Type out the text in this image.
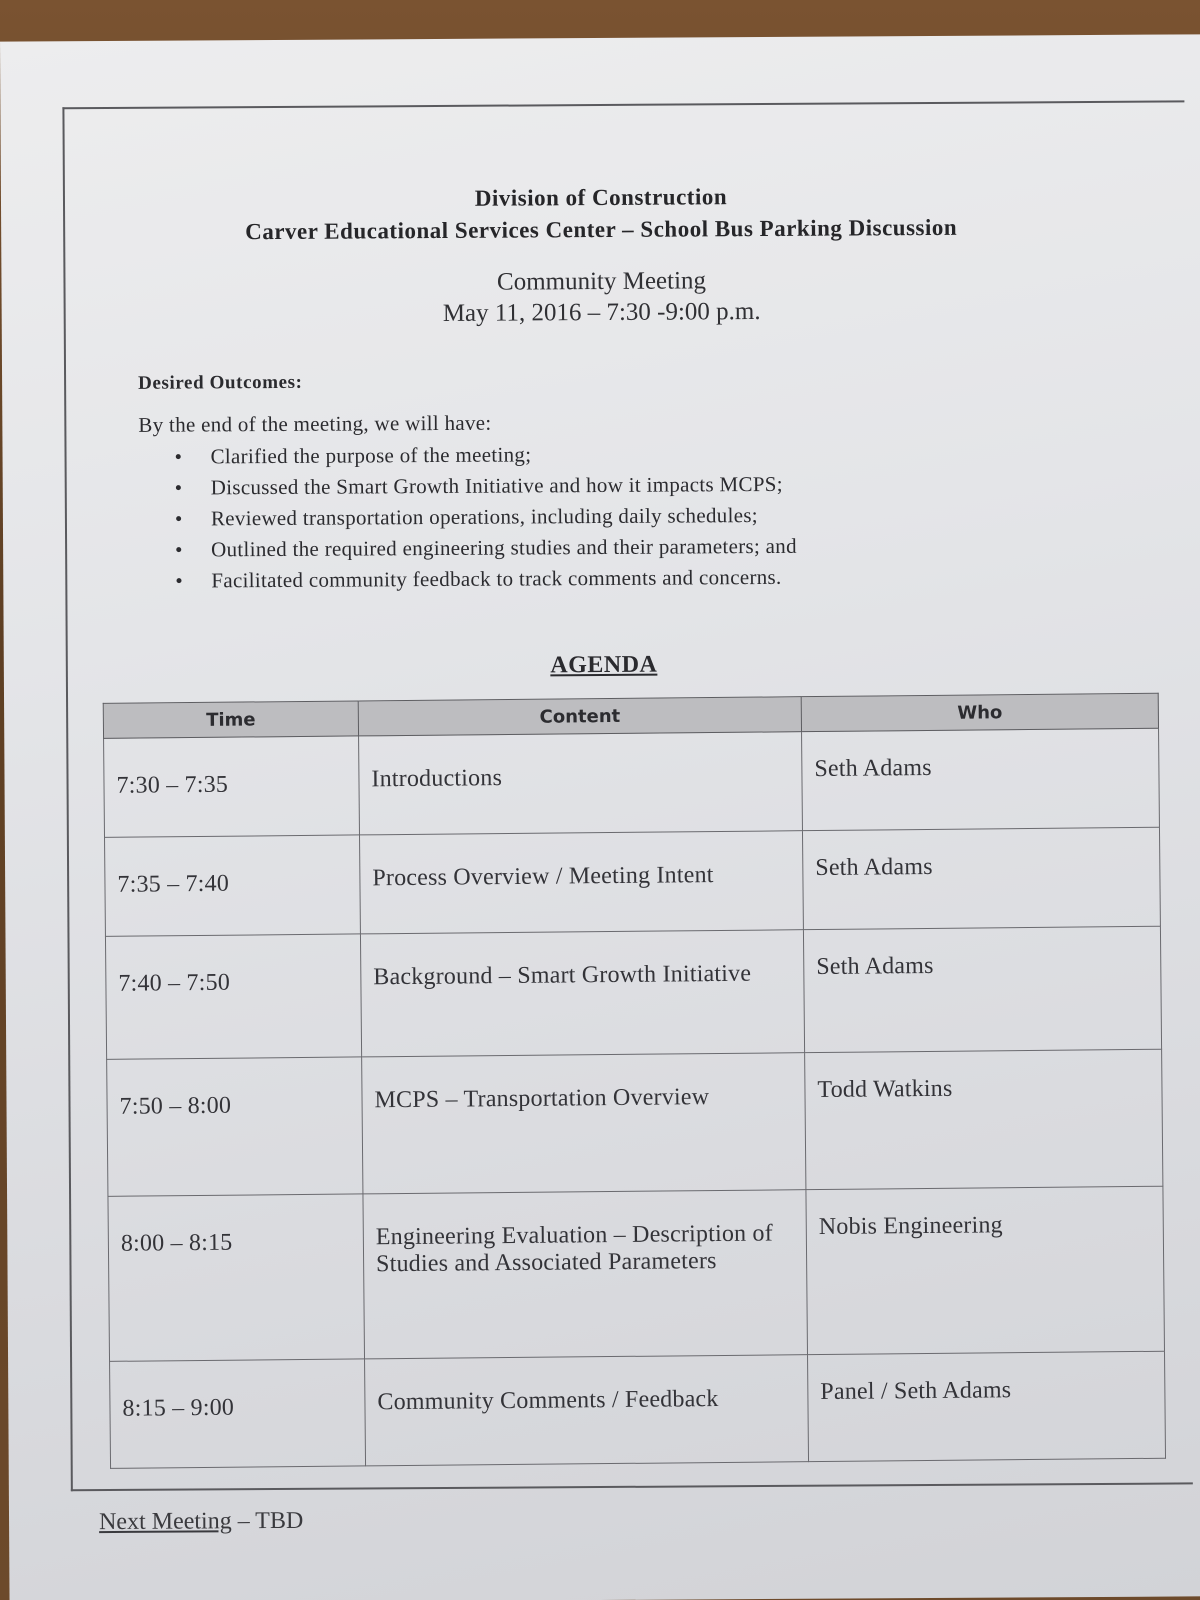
Division of Construction
Carver Educational Services Center – School Bus Parking Discussion
Community Meeting
May 11, 2016 – 7:30 -9:00 p.m.
Desired Outcomes:
By the end of the meeting, we will have:
• Clarified the purpose of the meeting;
• Discussed the Smart Growth Initiative and how it impacts MCPS;
• Reviewed transportation operations, including daily schedules;
• Outlined the required engineering studies and their parameters; and
• Facilitated community feedback to track comments and concerns.
AGENDA
Time	Content	Who
7:30 – 7:35	Introductions	Seth Adams
7:35 – 7:40	Process Overview / Meeting Intent	Seth Adams
7:40 – 7:50	Background – Smart Growth Initiative	Seth Adams
7:50 – 8:00	MCPS – Transportation Overview	Todd Watkins
8:00 – 8:15	Engineering Evaluation – Description of Studies and Associated Parameters	Nobis Engineering
8:15 – 9:00	Community Comments / Feedback	Panel / Seth Adams
Next Meeting – TBD
